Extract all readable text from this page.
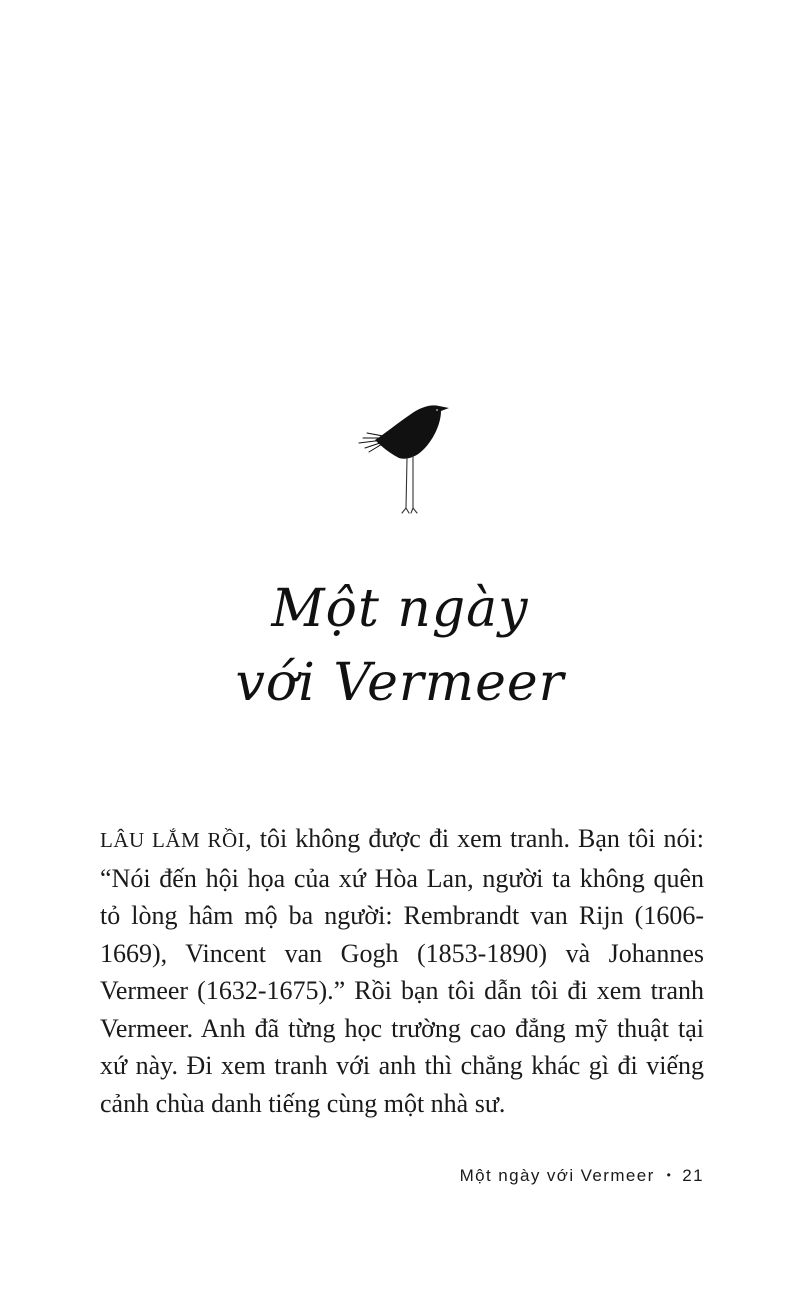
Một ngày
với Vermeer
LÂU LẮM RỒI, tôi không được đi xem tranh. Bạn tôi nói: “Nói đến hội họa của xứ Hòa Lan, người ta không quên tỏ lòng hâm mộ ba người: Rembrandt van Rijn (1606-1669), Vincent van Gogh (1853-1890) và Johannes Vermeer (1632-1675).” Rồi bạn tôi dẫn tôi đi xem tranh Vermeer. Anh đã từng học trường cao đẳng mỹ thuật tại xứ này. Đi xem tranh với anh thì chẳng khác gì đi viếng cảnh chùa danh tiếng cùng một nhà sư.
Một ngày với Vermeer • 21
